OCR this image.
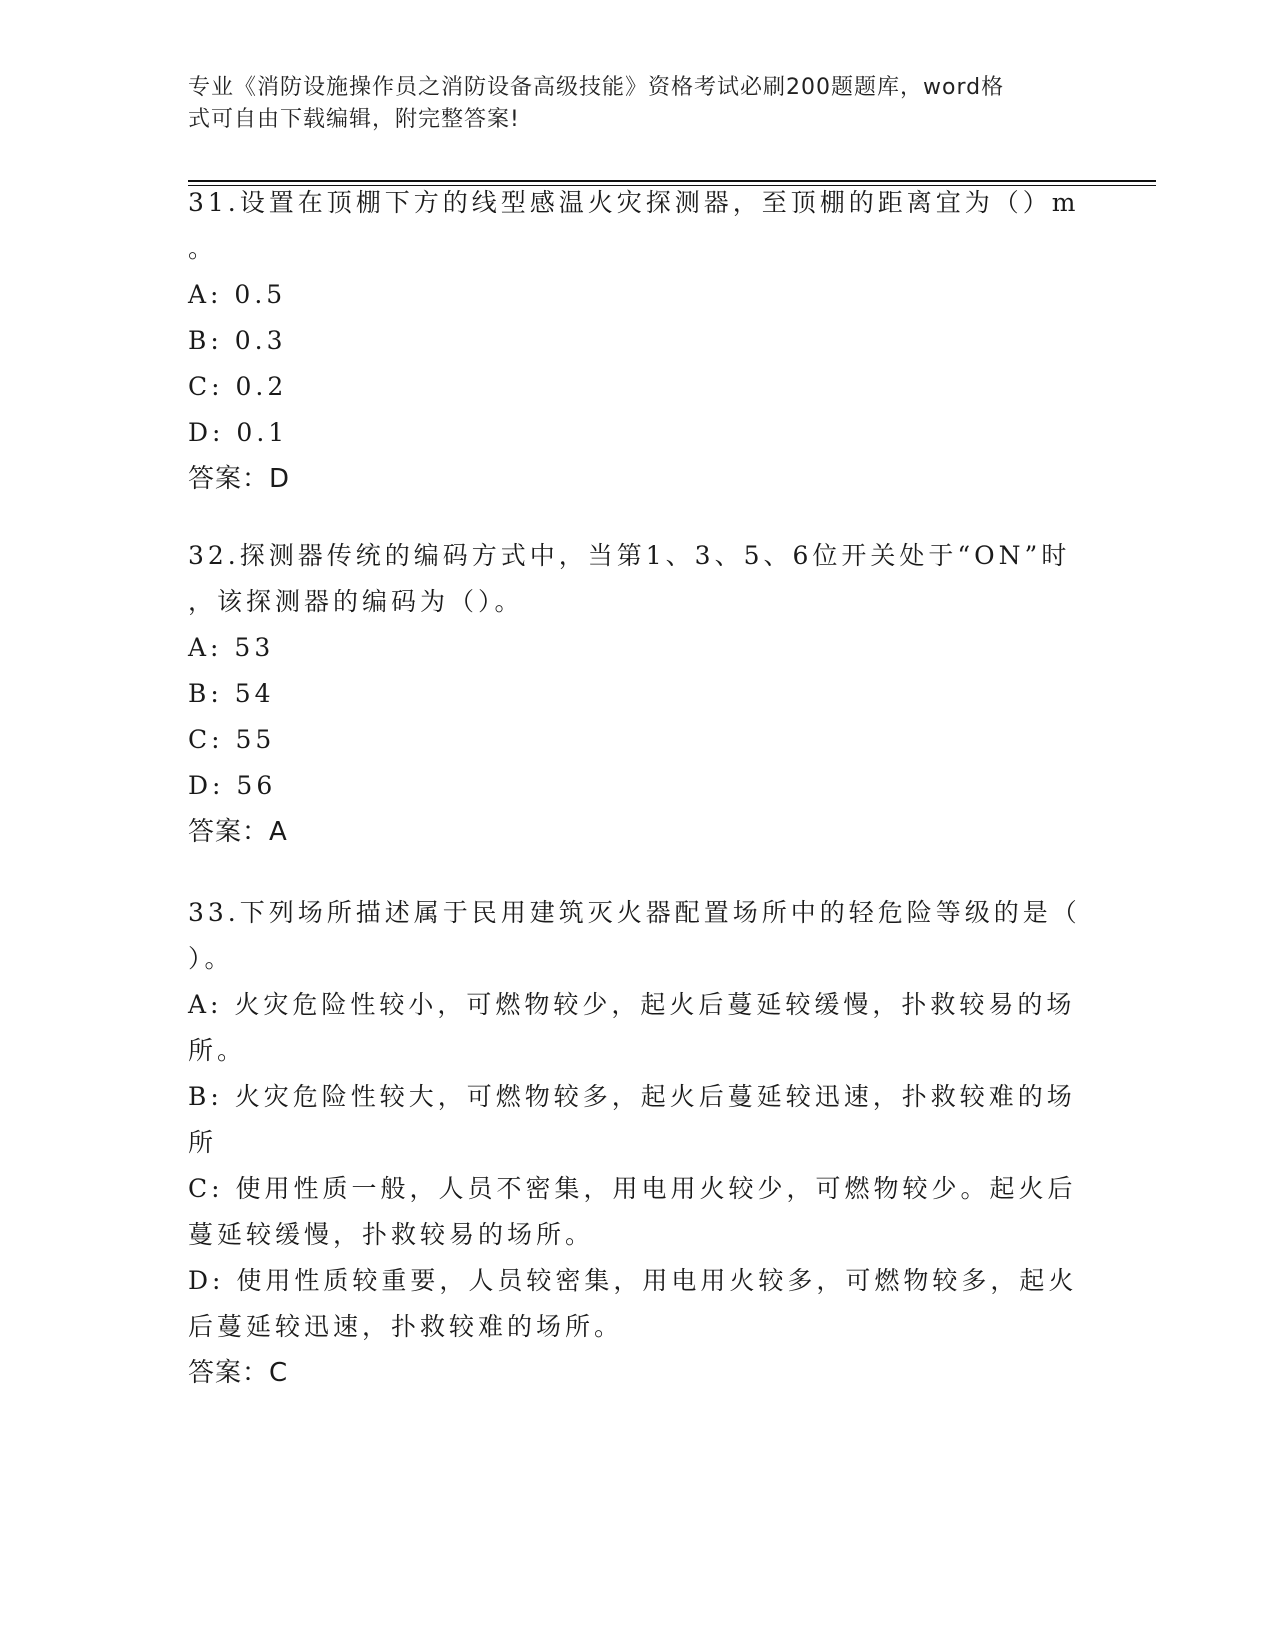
专业《消防设施操作员之消防设备高级技能》资格考试必刷200题题库，word格
式可自由下载编辑，附完整答案!
31.设置在顶棚下方的线型感温火灾探测器，至顶棚的距离宜为（）m
。
A: 0.5
B: 0.3
C: 0.2
D: 0.1
答案：D
32.探测器传统的编码方式中，当第1、3、5、6位开关处于“ON”时
，该探测器的编码为（）。
A: 53
B: 54
C: 55
D: 56
答案：A
33.下列场所描述属于民用建筑灭火器配置场所中的轻危险等级的是（
）。
A: 火灾危险性较小，可燃物较少，起火后蔓延较缓慢，扑救较易的场
所。
B: 火灾危险性较大，可燃物较多，起火后蔓延较迅速，扑救较难的场
所
C: 使用性质一般，人员不密集，用电用火较少，可燃物较少。起火后
蔓延较缓慢，扑救较易的场所。
D: 使用性质较重要，人员较密集，用电用火较多，可燃物较多，起火
后蔓延较迅速，扑救较难的场所。
答案：C
